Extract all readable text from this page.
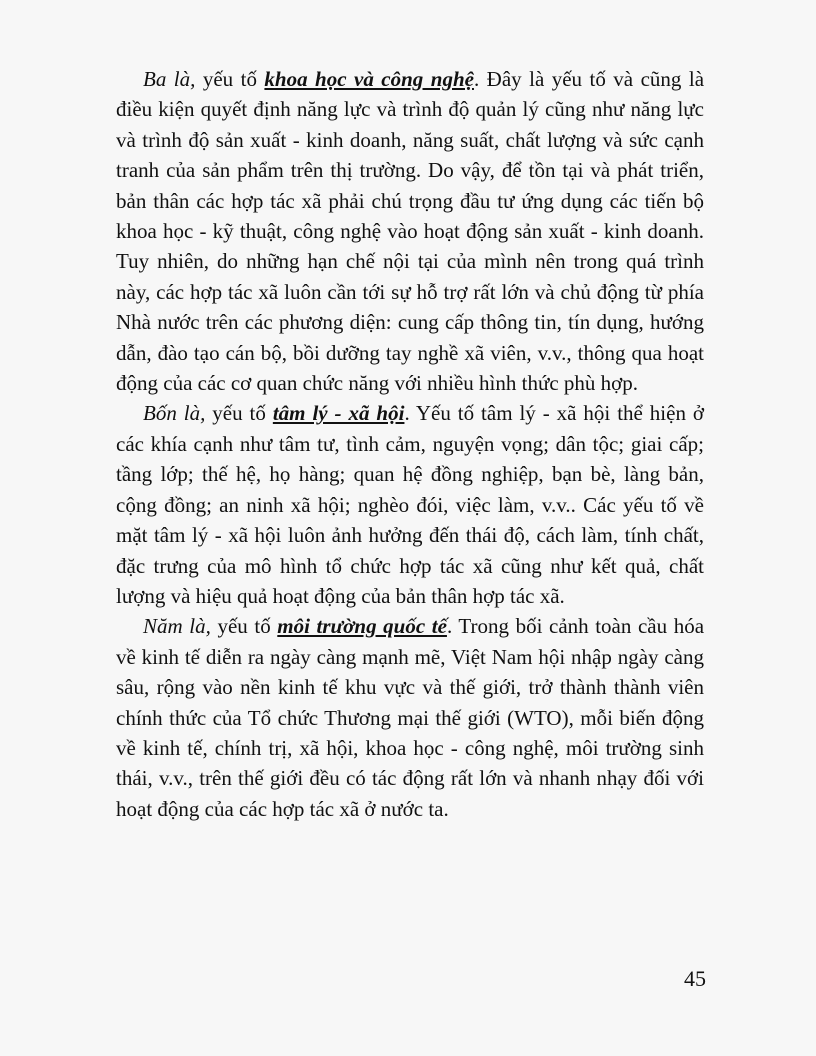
Ba là, yếu tố khoa học và công nghệ. Đây là yếu tố và cũng là điều kiện quyết định năng lực và trình độ quản lý cũng như năng lực và trình độ sản xuất - kinh doanh, năng suất, chất lượng và sức cạnh tranh của sản phẩm trên thị trường. Do vậy, để tồn tại và phát triển, bản thân các hợp tác xã phải chú trọng đầu tư ứng dụng các tiến bộ khoa học - kỹ thuật, công nghệ vào hoạt động sản xuất - kinh doanh. Tuy nhiên, do những hạn chế nội tại của mình nên trong quá trình này, các hợp tác xã luôn cần tới sự hỗ trợ rất lớn và chủ động từ phía Nhà nước trên các phương diện: cung cấp thông tin, tín dụng, hướng dẫn, đào tạo cán bộ, bồi dưỡng tay nghề xã viên, v.v., thông qua hoạt động của các cơ quan chức năng với nhiều hình thức phù hợp.

Bốn là, yếu tố tâm lý - xã hội. Yếu tố tâm lý - xã hội thể hiện ở các khía cạnh như tâm tư, tình cảm, nguyện vọng; dân tộc; giai cấp; tầng lớp; thế hệ, họ hàng; quan hệ đồng nghiệp, bạn bè, làng bản, cộng đồng; an ninh xã hội; nghèo đói, việc làm, v.v.. Các yếu tố về mặt tâm lý - xã hội luôn ảnh hưởng đến thái độ, cách làm, tính chất, đặc trưng của mô hình tổ chức hợp tác xã cũng như kết quả, chất lượng và hiệu quả hoạt động của bản thân hợp tác xã.

Năm là, yếu tố môi trường quốc tế. Trong bối cảnh toàn cầu hóa về kinh tế diễn ra ngày càng mạnh mẽ, Việt Nam hội nhập ngày càng sâu, rộng vào nền kinh tế khu vực và thế giới, trở thành thành viên chính thức của Tổ chức Thương mại thế giới (WTO), mỗi biến động về kinh tế, chính trị, xã hội, khoa học - công nghệ, môi trường sinh thái, v.v., trên thế giới đều có tác động rất lớn và nhanh nhạy đối với hoạt động của các hợp tác xã ở nước ta.

45
